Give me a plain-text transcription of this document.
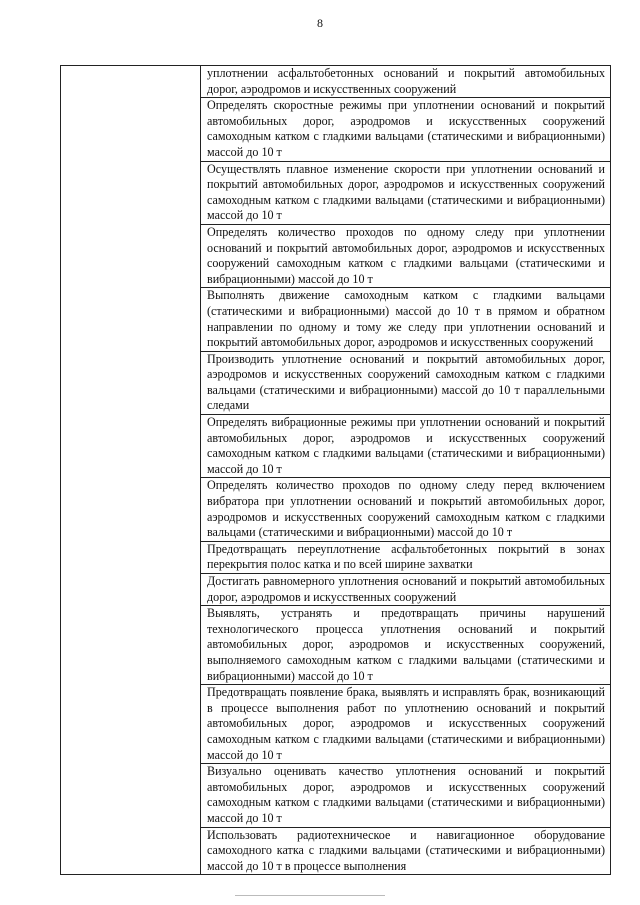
8
	уплотнении асфальтобетонных оснований и покрытий автомобильных дорог, аэродромов и искусственных сооружений
Определять скоростные режимы при уплотнении оснований и покрытий автомобильных дорог, аэродромов и искусственных сооружений самоходным катком с гладкими вальцами (статическими и вибрационными) массой до 10 т
Осуществлять плавное изменение скорости при уплотнении оснований и покрытий автомобильных дорог, аэродромов и искусственных сооружений самоходным катком с гладкими вальцами (статическими и вибрационными) массой до 10 т
Определять количество проходов по одному следу при уплотнении оснований и покрытий автомобильных дорог, аэродромов и искусственных сооружений самоходным катком с гладкими вальцами (статическими и вибрационными) массой до 10 т
Выполнять движение самоходным катком с гладкими вальцами (статическими и вибрационными) массой до 10 т в прямом и обратном направлении по одному и тому же следу при уплотнении оснований и покрытий автомобильных дорог, аэродромов и искусственных сооружений
Производить уплотнение оснований и покрытий автомобильных дорог, аэродромов и искусственных сооружений самоходным катком с гладкими вальцами (статическими и вибрационными) массой до 10 т параллельными следами
Определять вибрационные режимы при уплотнении оснований и покрытий автомобильных дорог, аэродромов и искусственных сооружений самоходным катком с гладкими вальцами (статическими и вибрационными) массой до 10 т
Определять количество проходов по одному следу перед включением вибратора при уплотнении оснований и покрытий автомобильных дорог, аэродромов и искусственных сооружений самоходным катком с гладкими вальцами (статическими и вибрационными) массой до 10 т
Предотвращать переуплотнение асфальтобетонных покрытий в зонах перекрытия полос катка и по всей ширине захватки
Достигать равномерного уплотнения оснований и покрытий автомобильных дорог, аэродромов и искусственных сооружений
Выявлять, устранять и предотвращать причины нарушений технологического процесса уплотнения оснований и покрытий автомобильных дорог, аэродромов и искусственных сооружений, выполняемого самоходным катком с гладкими вальцами (статическими и вибрационными) массой до 10 т
Предотвращать появление брака, выявлять и исправлять брак, возникающий в процессе выполнения работ по уплотнению оснований и покрытий автомобильных дорог, аэродромов и искусственных сооружений самоходным катком с гладкими вальцами (статическими и вибрационными) массой до 10 т
Визуально оценивать качество уплотнения оснований и покрытий автомобильных дорог, аэродромов и искусственных сооружений самоходным катком с гладкими вальцами (статическими и вибрационными) массой до 10 т
Использовать радиотехническое и навигационное оборудование самоходного катка с гладкими вальцами (статическими и вибрационными) массой до 10 т в процессе выполнения
